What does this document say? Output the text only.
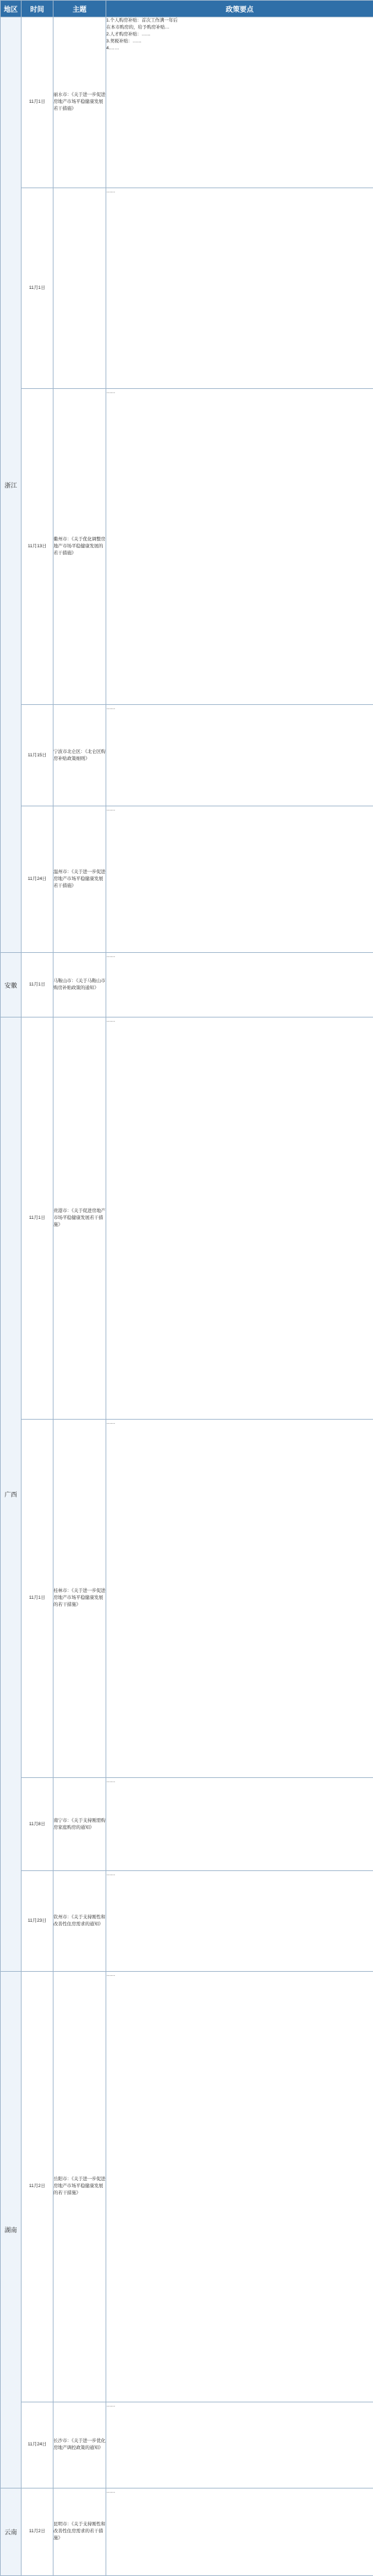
地区	时间	主题	政策要点
浙江	11月1日	丽水市：《关于进一步促进房地产市场平稳健康发展若干措施》	1.个人购房补贴：首次工作满一年后
在本市购房的，给予购房补贴…
2.人才购房补贴：……
3.契税补贴：……
4.……

	11月1日		……

	11月13日	衢州市：《关于优化调整房地产市场平稳健康发展的若干措施》	……

	11月15日	宁波市北仑区：《北仑区购房补贴政策细则》	……

	11月24日	温州市：《关于进一步促进房地产市场平稳健康发展若干措施》	……

安徽	11月1日	马鞍山市：《关于马鞍山市购房补贴政策的通知》	……

广西	11月1日	贵港市：《关于促进房地产市场平稳健康发展若干措施》	……

	11月1日	桂林市：《关于进一步促进房地产市场平稳健康发展的若干措施》	……

	11月8日	南宁市：《关于支持刚需购房家庭购房的通知》	……

	11月23日	钦州市：《关于支持刚性和改善性住房需求的通知》	……

湖南	11月2日	岳阳市：《关于进一步促进房地产市场平稳健康发展的若干措施》	……

	11月24日	长沙市：《关于进一步优化房地产调控政策的通知》	……

云南	11月2日	昆明市：《关于支持刚性和改善性住房需求的若干措施》	……
